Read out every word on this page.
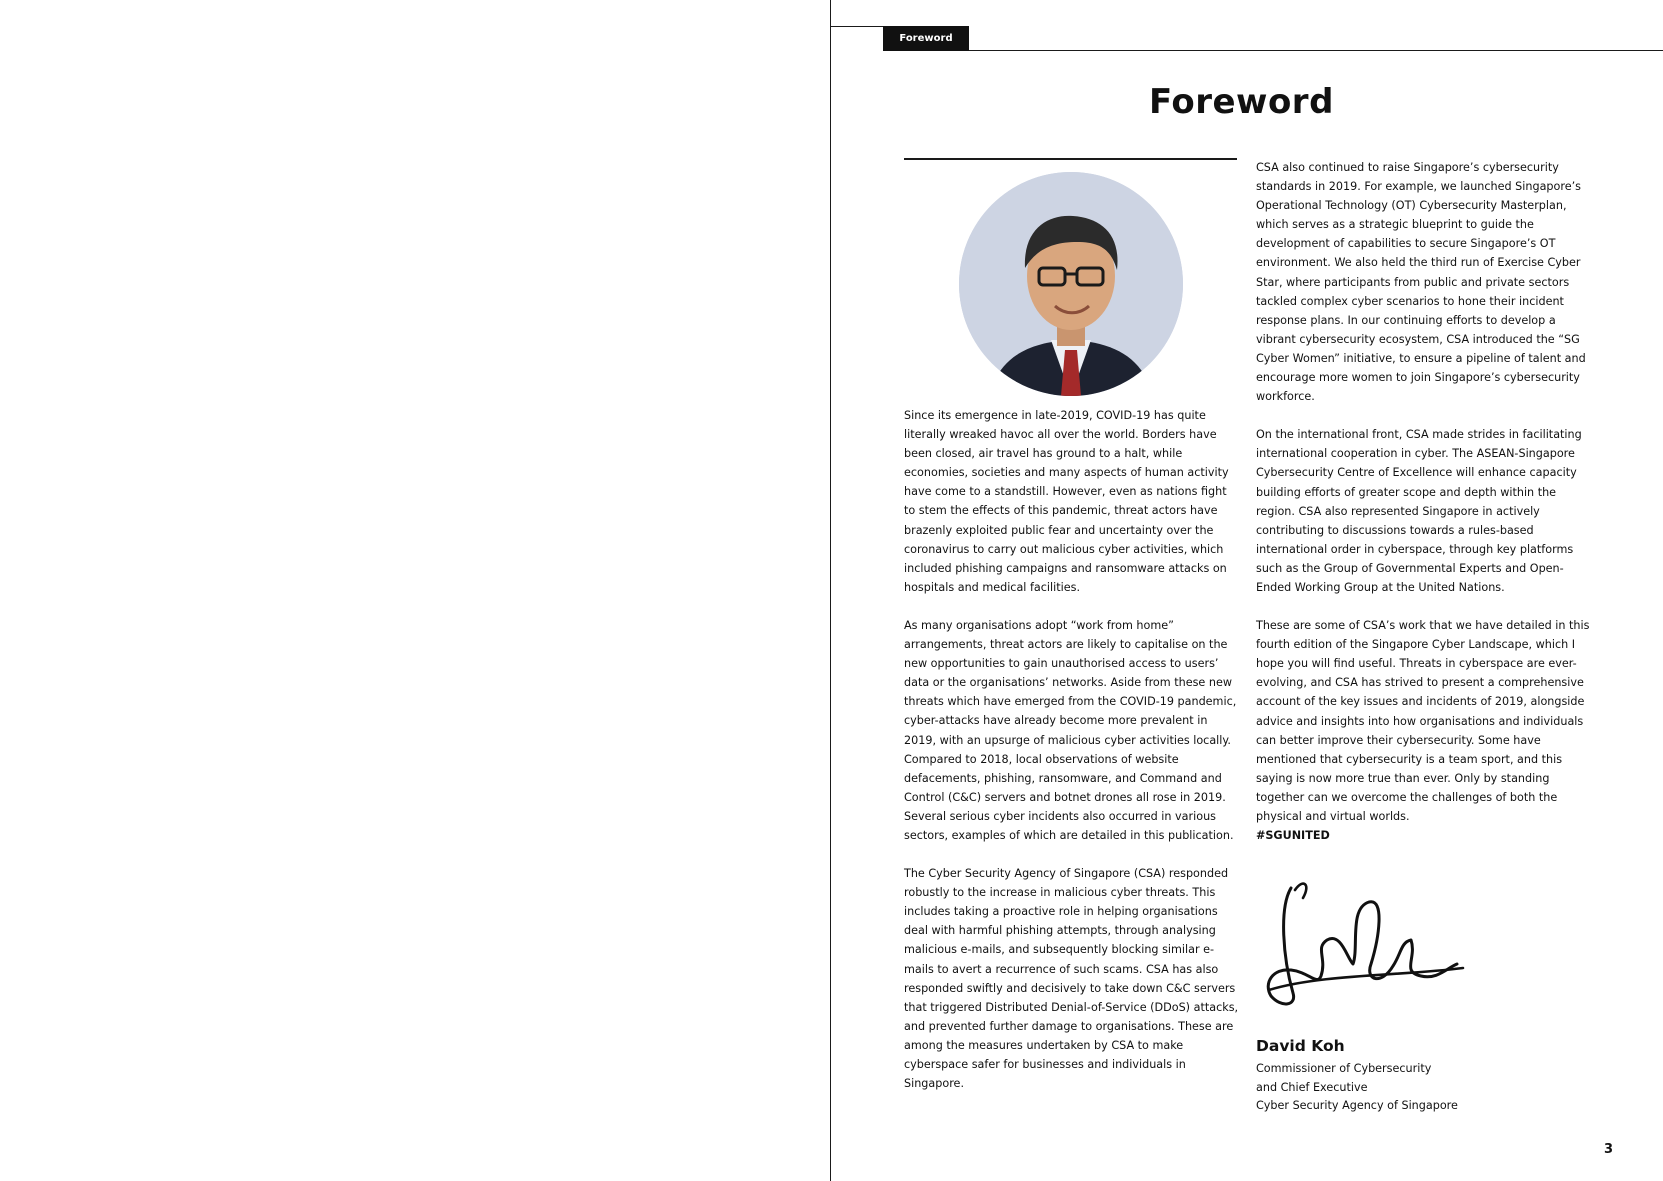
Foreword
Foreword

Since its emergence in late-2019, COVID-19 has quite literally wreaked havoc all over the world. Borders have been closed, air travel has ground to a halt, while economies, societies and many aspects of human activity have come to a standstill. However, even as nations fight to stem the effects of this pandemic, threat actors have brazenly exploited public fear and uncertainty over the coronavirus to carry out malicious cyber activities, which included phishing campaigns and ransomware attacks on hospitals and medical facilities.

As many organisations adopt “work from home” arrangements, threat actors are likely to capitalise on the new opportunities to gain unauthorised access to users’ data or the organisations’ networks. Aside from these new threats which have emerged from the COVID-19 pandemic, cyber-attacks have already become more prevalent in 2019, with an upsurge of malicious cyber activities locally. Compared to 2018, local observations of website defacements, phishing, ransomware, and Command and Control (C&C) servers and botnet drones all rose in 2019. Several serious cyber incidents also occurred in various sectors, examples of which are detailed in this publication.

The Cyber Security Agency of Singapore (CSA) responded robustly to the increase in malicious cyber threats. This includes taking a proactive role in helping organisations deal with harmful phishing attempts, through analysing malicious e-mails, and subsequently blocking similar e-mails to avert a recurrence of such scams. CSA has also responded swiftly and decisively to take down C&C servers that triggered Distributed Denial-of-Service (DDoS) attacks, and prevented further damage to organisations. These are among the measures undertaken by CSA to make cyberspace safer for businesses and individuals in Singapore.

CSA also continued to raise Singapore’s cybersecurity standards in 2019. For example, we launched Singapore’s Operational Technology (OT) Cybersecurity Masterplan, which serves as a strategic blueprint to guide the development of capabilities to secure Singapore’s OT environment. We also held the third run of Exercise Cyber Star, where participants from public and private sectors tackled complex cyber scenarios to hone their incident response plans. In our continuing efforts to develop a vibrant cybersecurity ecosystem, CSA introduced the “SG Cyber Women” initiative, to ensure a pipeline of talent and encourage more women to join Singapore’s cybersecurity workforce.

On the international front, CSA made strides in facilitating international cooperation in cyber. The ASEAN-Singapore Cybersecurity Centre of Excellence will enhance capacity building efforts of greater scope and depth within the region. CSA also represented Singapore in actively contributing to discussions towards a rules-based international order in cyberspace, through key platforms such as the Group of Governmental Experts and Open-Ended Working Group at the United Nations.

These are some of CSA’s work that we have detailed in this fourth edition of the Singapore Cyber Landscape, which I hope you will find useful. Threats in cyberspace are ever-evolving, and CSA has strived to present a comprehensive account of the key issues and incidents of 2019, alongside advice and insights into how organisations and individuals can better improve their cybersecurity. Some have mentioned that cybersecurity is a team sport, and this saying is now more true than ever. Only by standing together can we overcome the challenges of both the physical and virtual worlds.
#SGUNITED

David Koh
Commissioner of Cybersecurity
and Chief Executive
Cyber Security Agency of Singapore
3
